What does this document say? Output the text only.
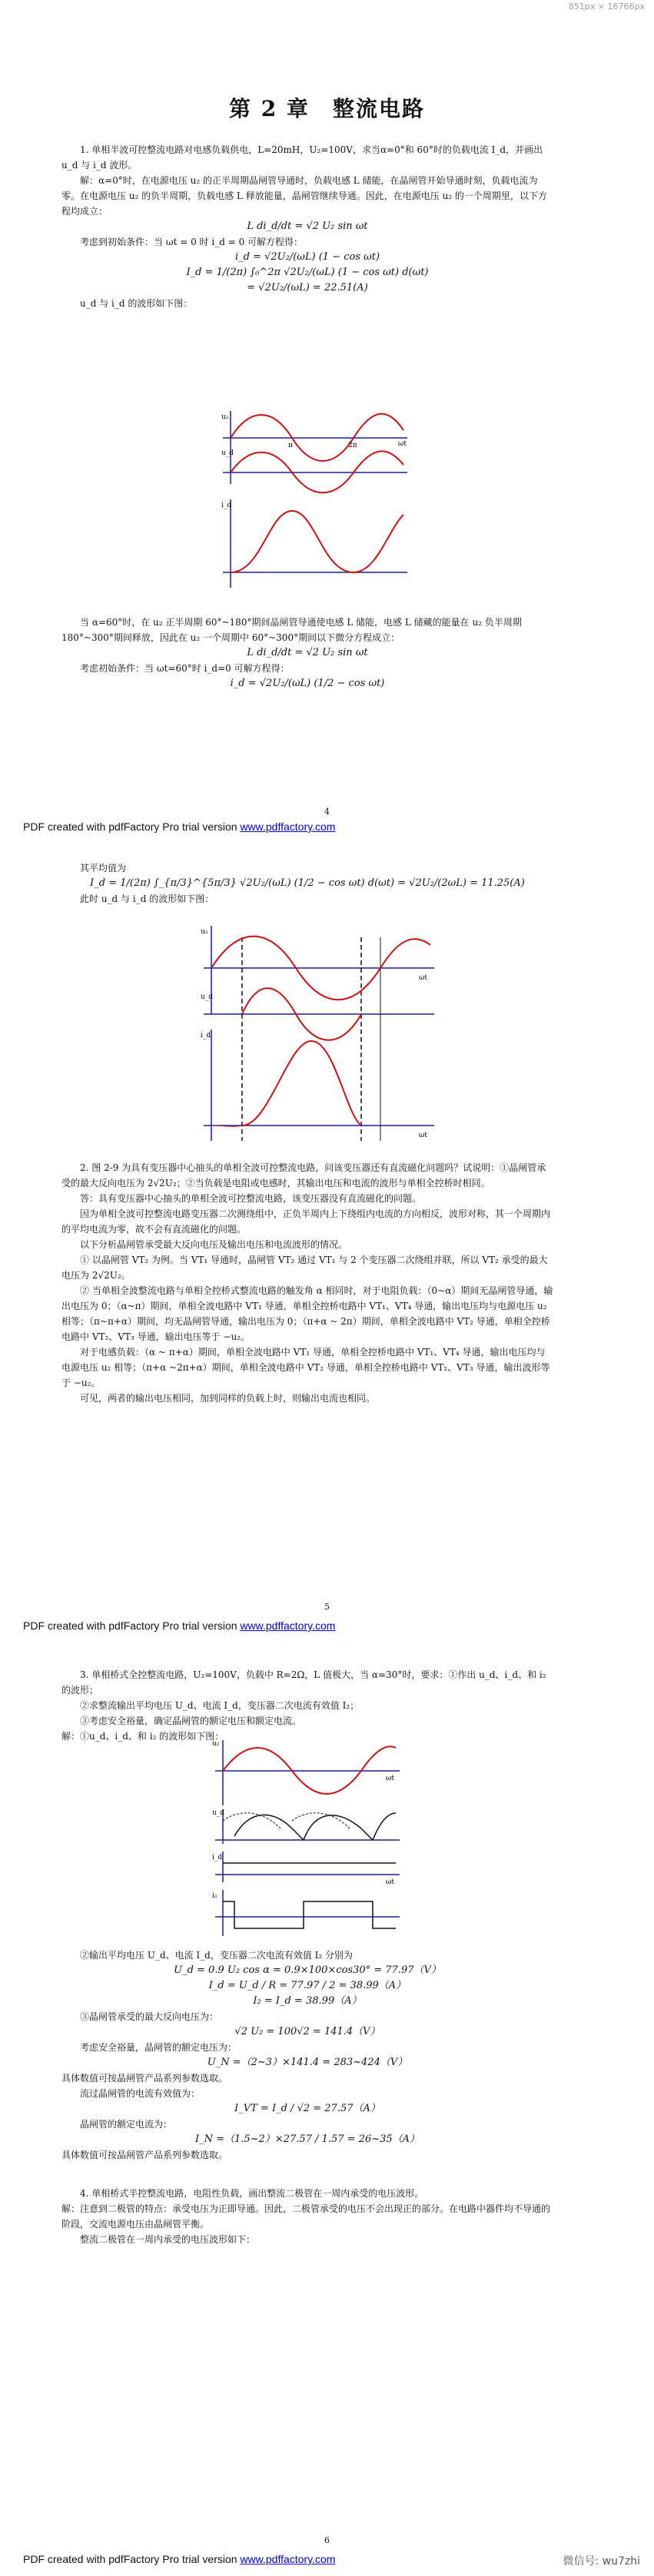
851px × 16766px
第 2 章　整流电路

1. 单相半波可控整流电路对电感负载供电，L=20mH，U₂=100V，求当α=0°和 60°时的负载电流 I_d，并画出 u_d 与 i_d 波形。

解：α=0°时，在电源电压 u₂ 的正半周期晶闸管导通时，负载电感 L 储能，在晶闸管开始导通时刻，负载电流为零。在电源电压 u₂ 的负半周期，负载电感 L 释放能量，晶闸管继续导通。因此，在电源电压 u₂ 的一个周期里，以下方程均成立：

L di_d/dt = √2 U₂ sin ωt

考虑到初始条件：当 ωt = 0 时 i_d = 0 可解方程得：

i_d = √2U₂/(ωL) (1 − cos ωt)

I_d = 1/(2π) ∫₀^2π √2U₂/(ωL) (1 − cos ωt) d(ωt)

= √2U₂/(ωL) = 22.51(A)

u_d 与 i_d 的波形如下图：

u₂
u_d
i_d
π	2π	ωt

当 α=60°时，在 u₂ 正半周期 60°~180°期间晶闸管导通使电感 L 储能，电感 L 储藏的能量在 u₂ 负半周期 180°~300°期间释放，因此在 u₂ 一个周期中 60°~300°期间以下微分方程成立：

L di_d/dt = √2 U₂ sin ωt

考虑初始条件：当 ωt=60°时 i_d=0 可解方程得：

i_d = √2U₂/(ωL) (1/2 − cos ωt)

4
PDF created with pdfFactory Pro trial version www.pdffactory.com

其平均值为

I_d = 1/(2π) ∫_{π/3}^{5π/3} √2U₂/(ωL) (1/2 − cos ωt) d(ωt) = √2U₂/(2ωL) = 11.25(A)

此时 u_d 与 i_d 的波形如下图：

u₂
u_d
i_d
ωt
ωt

2. 图 2-9 为具有变压器中心抽头的单相全波可控整流电路，问该变压器还有直流磁化问题吗？试说明：①晶闸管承受的最大反向电压为 2√2U₂；②当负载是电阻或电感时，其输出电压和电流的波形与单相全控桥时相同。

答：具有变压器中心抽头的单相全波可控整流电路，该变压器没有直流磁化的问题。

因为单相全波可控整流电路变压器二次测绕组中，正负半周内上下绕组内电流的方向相反，波形对称，其一个周期内的平均电流为零，故不会有直流磁化的问题。

以下分析晶闸管承受最大反向电压及输出电压和电流波形的情况。

① 以晶闸管 VT₂ 为例。当 VT₁ 导通时，晶闸管 VT₂ 通过 VT₁ 与 2 个变压器二次绕组并联，所以 VT₂ 承受的最大电压为 2√2U₂。

② 当单相全波整流电路与单相全控桥式整流电路的触发角 α 相同时，对于电阻负载：（0~α）期间无晶闸管导通，输出电压为 0；（α~π）期间，单相全波电路中 VT₁ 导通，单相全控桥电路中 VT₁、VT₄ 导通，输出电压均与电源电压 u₂ 相等；（π~π+α）期间，均无晶闸管导通，输出电压为 0；（π+α ~ 2π）期间，单相全波电路中 VT₂ 导通，单相全控桥电路中 VT₂、VT₃ 导通，输出电压等于 −u₂。

对于电感负载：（α ~ π+α）期间，单相全波电路中 VT₁ 导通，单相全控桥电路中 VT₁、VT₄ 导通，输出电压均与电源电压 u₂ 相等；（π+α ~2π+α）期间，单相全波电路中 VT₂ 导通，单相全控桥电路中 VT₂、VT₃ 导通，输出波形等于 −u₂。

可见，两者的输出电压相同，加到同样的负载上时，则输出电流也相同。

5
PDF created with pdfFactory Pro trial version www.pdffactory.com

3. 单相桥式全控整流电路，U₂=100V，负载中 R=2Ω，L 值极大，当 α=30°时，要求：①作出 u_d、i_d、和 i₂ 的波形；

②求整流输出平均电压 U_d、电流 I_d，变压器二次电流有效值 I₂；

③考虑安全裕量，确定晶闸管的额定电压和额定电流。

解：①u_d、i_d、和 i₂ 的波形如下图：

u₂
u_d
i_d
i₂
ωt
ωt

②输出平均电压 U_d、电流 I_d，变压器二次电流有效值 I₂ 分别为

U_d = 0.9 U₂ cos α = 0.9×100×cos30° = 77.97（V）

I_d = U_d / R = 77.97 / 2 = 38.99（A）

I₂ = I_d = 38.99（A）

③晶闸管承受的最大反向电压为：

√2 U₂ = 100√2 = 141.4（V）

考虑安全裕量，晶闸管的额定电压为：

U_N =（2~3）×141.4 = 283~424（V）

具体数值可按晶闸管产品系列参数选取。

流过晶闸管的电流有效值为：

I_VT = I_d / √2 = 27.57（A）

晶闸管的额定电流为：

I_N =（1.5~2）×27.57 / 1.57 = 26~35（A）

具体数值可按晶闸管产品系列参数选取。

4. 单相桥式半控整流电路，电阻性负载，画出整流二极管在一周内承受的电压波形。

解：注意到二极管的特点：承受电压为正即导通。因此，二极管承受的电压不会出现正的部分。在电路中器件均不导通的阶段，交流电源电压由晶闸管平衡。

整流二极管在一周内承受的电压波形如下：

6
PDF created with pdfFactory Pro trial version www.pdffactory.com	微信号: wu7zhi
